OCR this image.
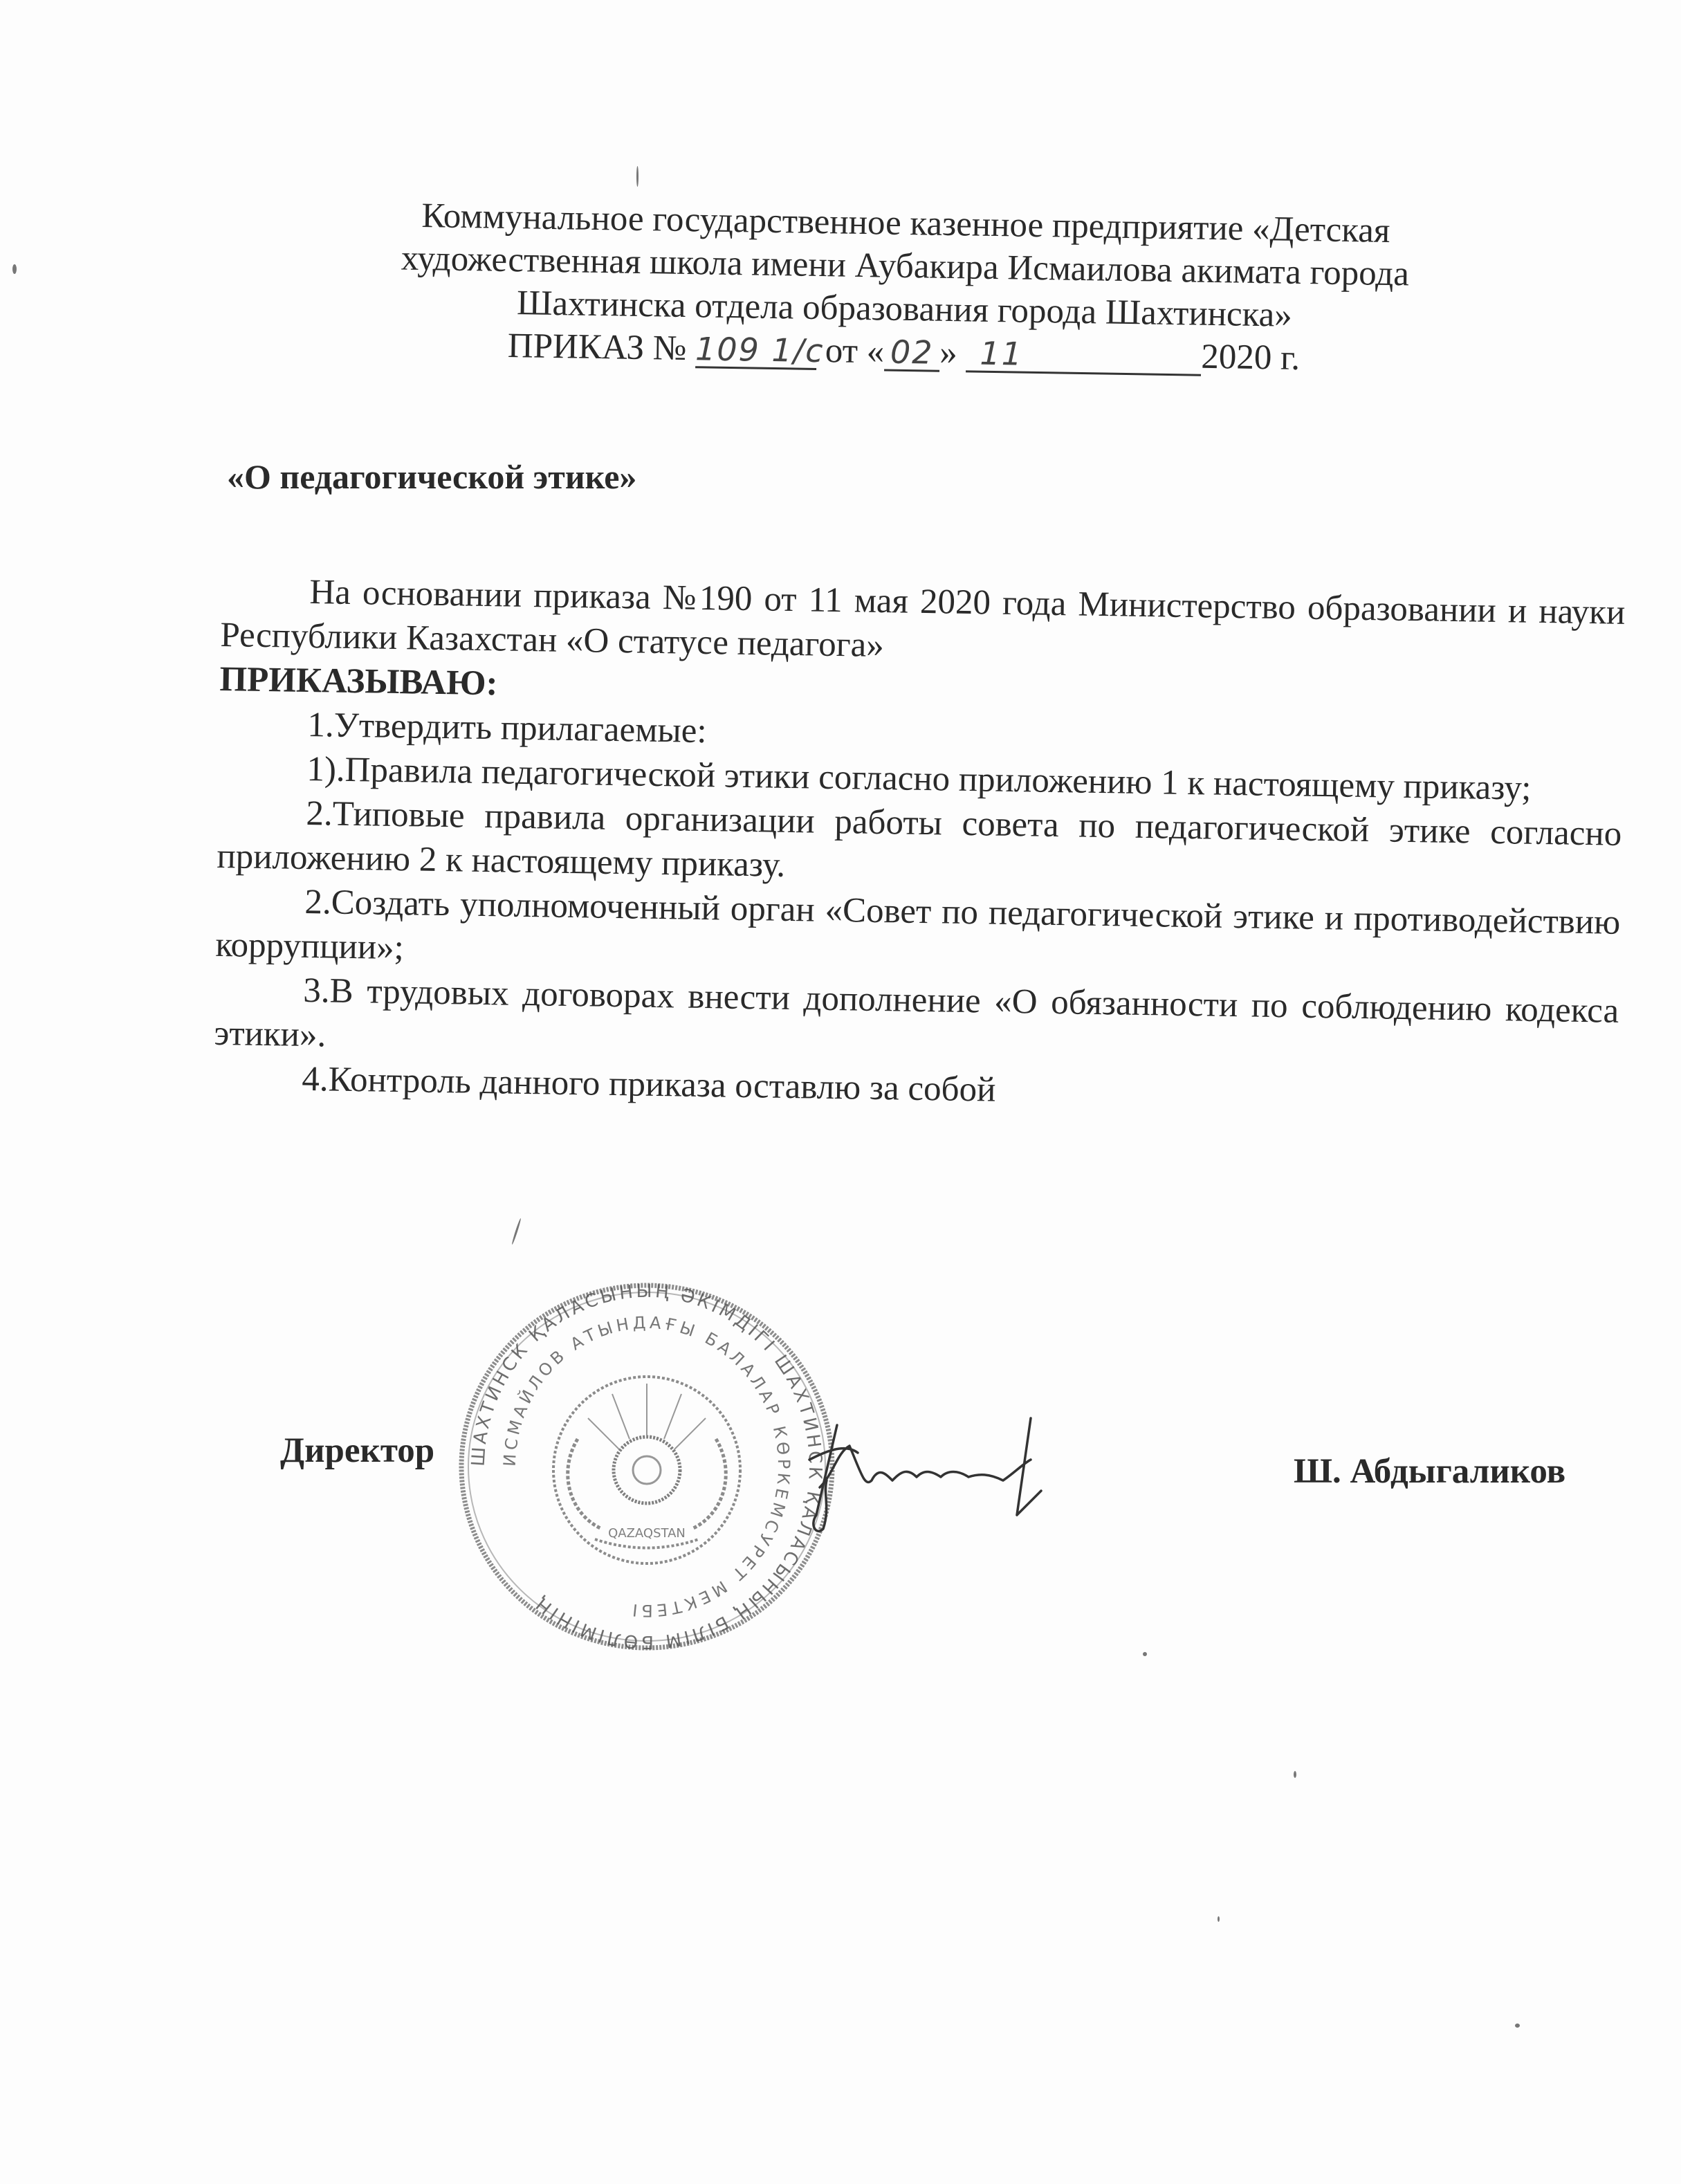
Коммунальное государственное казенное предприятие «Детская
художественная школа имени Аубакира Исмаилова акимата города
Шахтинска отдела образования города Шахтинска»
ПРИКАЗ № 109 1/с от « 02 » 11	2020 г.
«О педагогической этике»

На основании приказа №190 от 11 мая 2020 года Министерство образовании и науки Республики Казахстан «О статусе педагога»

ПРИКАЗЫВАЮ:

1.Утвердить прилагаемые:

1).Правила педагогической этики согласно приложению 1 к настоящему приказу;

2.Типовые правила организации работы совета по педагогической этике согласно приложению 2 к настоящему приказу.

2.Создать уполномоченный орган «Совет по педагогической этике и противодействию коррупции»;

3.В трудовых договорах внести дополнение «О обязанности по соблюдению кодекса этики».

4.Контроль данного приказа оставлю за собой

Директор ШАХТИНСК ҚАЛАСЫНЫҢ ӘКІМДІГІ ШАХТИНСК ҚАЛАСЫНЫҢ БІЛІМ БӨЛІМІНІҢ
ИСМАЙЛОВ АТЫНДАҒЫ БАЛАЛАР КӨРКЕМСУРЕТ МЕКТЕБІ
QAZAQSTAN
Ш. Абдыгаликов
